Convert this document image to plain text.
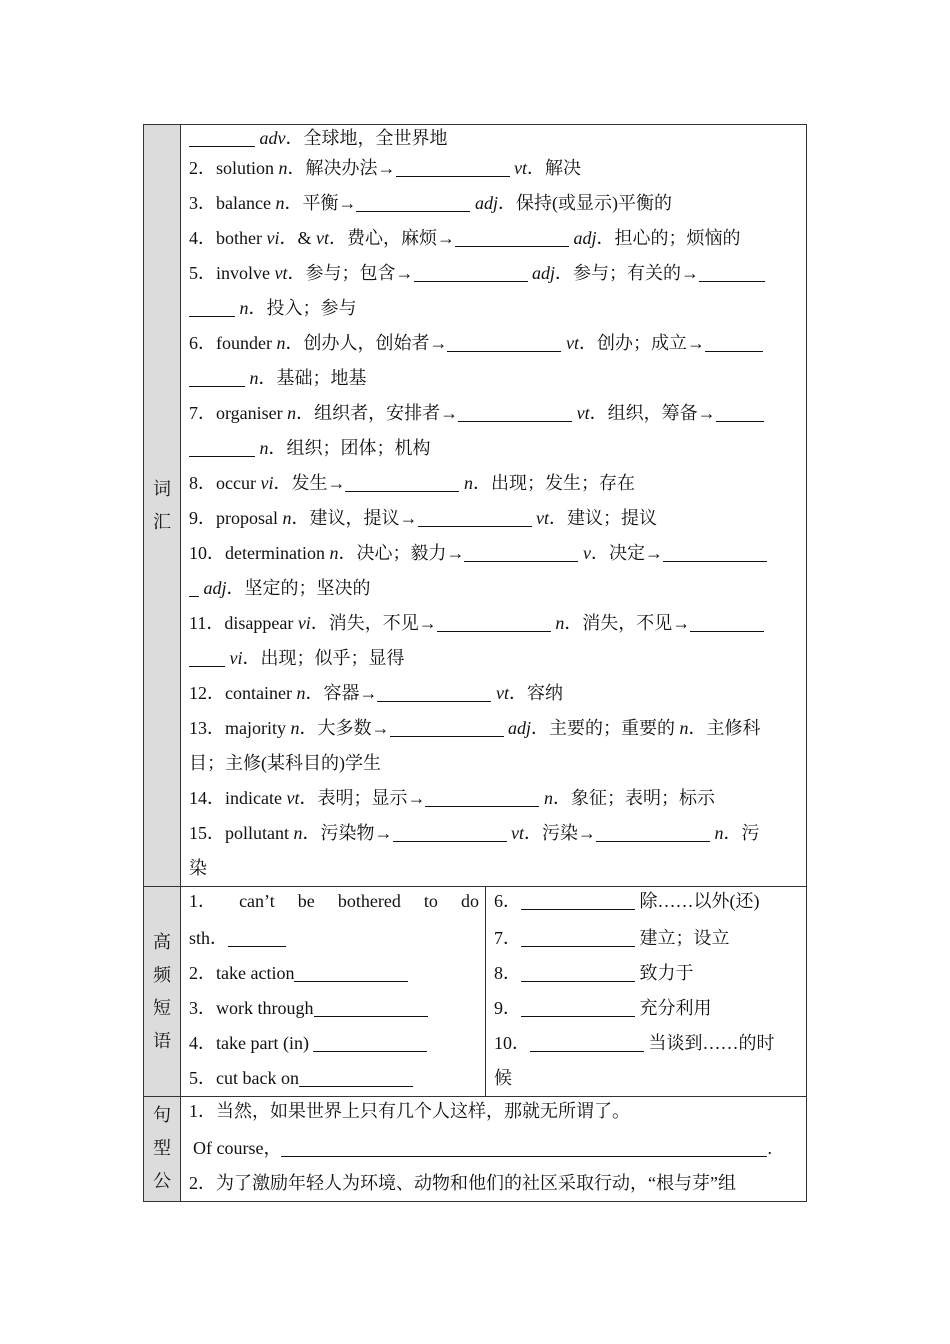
词
汇

adv．全球地，全世界地
2．solution n．解决办法→	vt．解决
3．balance n．平衡→	adj．保持(或显示)平衡的
4．bother vi．& vt．费心，麻烦→	adj．担心的；烦恼的
5．involve vt．参与；包含→	adj．参与；有关的→
n．投入；参与
6．founder n．创办人，创始者→	vt．创办；成立→
n．基础；地基
7．organiser n．组织者，安排者→	vt．组织，筹备→
n．组织；团体；机构
8．occur vi．发生→	n．出现；发生；存在
9．proposal n．建议，提议→	vt．建议；提议
10．determination n．决心；毅力→	v．决定→
adj．坚定的；坚决的
11．disappear vi．消失，不见→	n．消失，不见→
vi．出现；似乎；显得
12．container n．容器→	vt．容纳
13．majority n．大多数→	adj．主要的；重要的 n．主修科
目；主修(某科目的)学生
14．indicate vt．表明；显示→	n．象征；表明；标示
15．pollutant n．污染物→	vt．污染→	n．污
染

高
频
短
语

1． can’t be bothered to do
sth．
2．take action
3．work through
4．take part (in)
5．cut back on

6．	除……以外(还)
7．	建立；设立
8．	致力于
9．	充分利用
10．	当谈到……的时
候

句
型
公

1．当然，如果世界上只有几个人这样，那就无所谓了。
Of course，	.
2．为了激励年轻人为环境、动物和他们的社区采取行动，“根与芽”组
